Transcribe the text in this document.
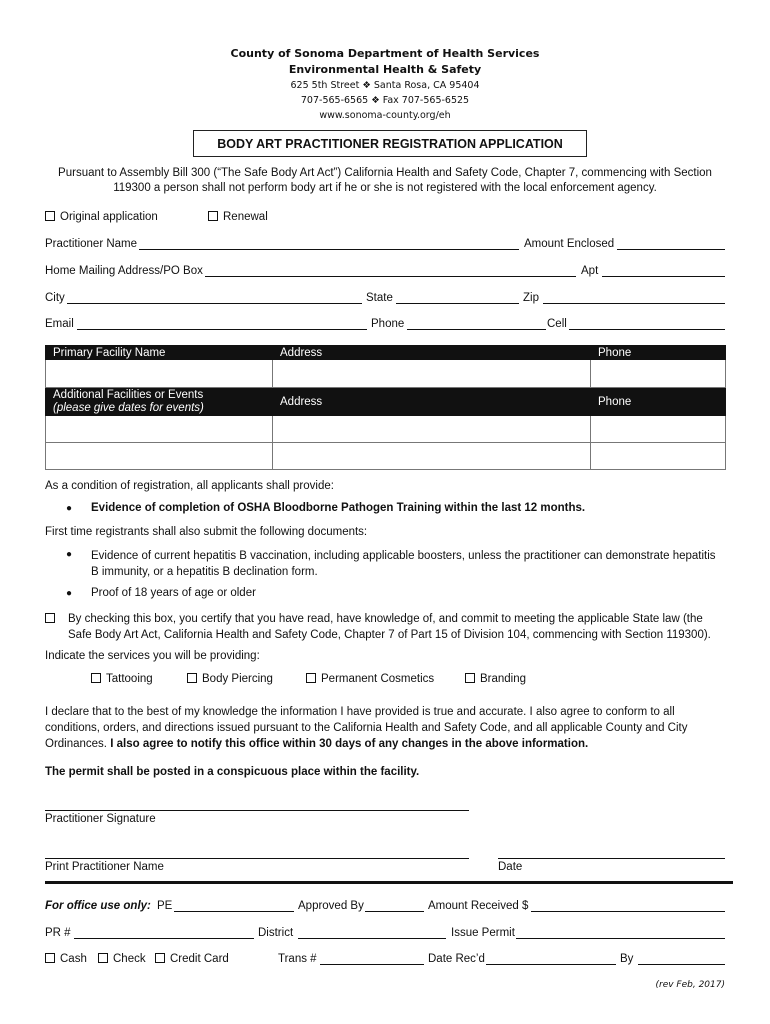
County of Sonoma Department of Health Services
Environmental Health & Safety
625 5th Street ❖ Santa Rosa, CA 95404
707-565-6565 ❖ Fax 707-565-6525
www.sonoma-county.org/eh
BODY ART PRACTITIONER REGISTRATION APPLICATION
Pursuant to Assembly Bill 300 (“The Safe Body Art Act”) California Health and Safety Code, Chapter 7, commencing with Section 119300 a person shall not perform body art if he or she is not registered with the local enforcement agency.
Original application	Renewal
Practitioner Name	Amount Enclosed
Home Mailing Address/PO Box	Apt
City	State	Zip
Email	Phone	Cell
Primary Facility Name	Address	Phone

Additional Facilities or Events
(please give dates for events)	Address	Phone

As a condition of registration, all applicants shall provide:
● Evidence of completion of OSHA Bloodborne Pathogen Training within the last 12 months.
First time registrants shall also submit the following documents:
● Evidence of current hepatitis B vaccination, including applicable boosters, unless the practitioner can demonstrate hepatitis B immunity, or a hepatitis B declination form.
● Proof of 18 years of age or older
By checking this box, you certify that you have read, have knowledge of, and commit to meeting the applicable State law (the Safe Body Art Act, California Health and Safety Code, Chapter 7 of Part 15 of Division 104, commencing with Section 119300).
Indicate the services you will be providing:
Tattooing	Body Piercing	Permanent Cosmetics	Branding
I declare that to the best of my knowledge the information I have provided is true and accurate. I also agree to conform to all conditions, orders, and directions issued pursuant to the California Health and Safety Code, and all applicable County and City Ordinances. I also agree to notify this office within 30 days of any changes in the above information.
The permit shall be posted in a conspicuous place within the facility.
Practitioner Signature
Print Practitioner Name	Date
For office use only: PE	Approved By	Amount Received $
PR #	District	Issue Permit
Cash	Check	Credit Card	Trans #	Date Rec’d	By
(rev Feb, 2017)
